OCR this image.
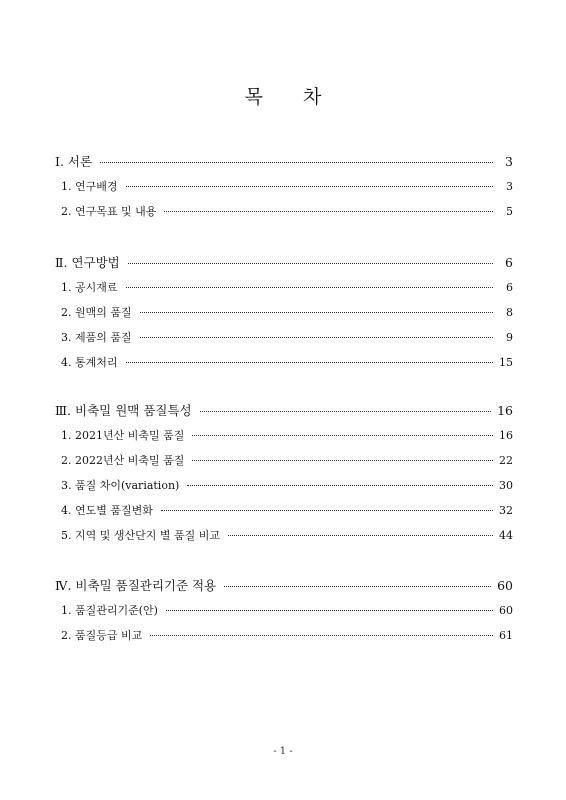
목 차
Ⅰ. 서론	3
1. 연구배경	3
2. 연구목표 및 내용	5
Ⅱ. 연구방법	6
1. 공시재료	6
2. 원맥의 품질	8
3. 제품의 품질	9
4. 통계처리	15
Ⅲ. 비축밀 원맥 품질특성	16
1. 2021년산 비축밀 품질	16
2. 2022년산 비축밀 품질	22
3. 품질 차이(variation)	30
4. 연도별 품질변화	32
5. 지역 및 생산단지 별 품질 비교	44
Ⅳ. 비축밀 품질관리기준 적용	60
1. 품질관리기준(안)	60
2. 품질등급 비교	61
- 1 -
